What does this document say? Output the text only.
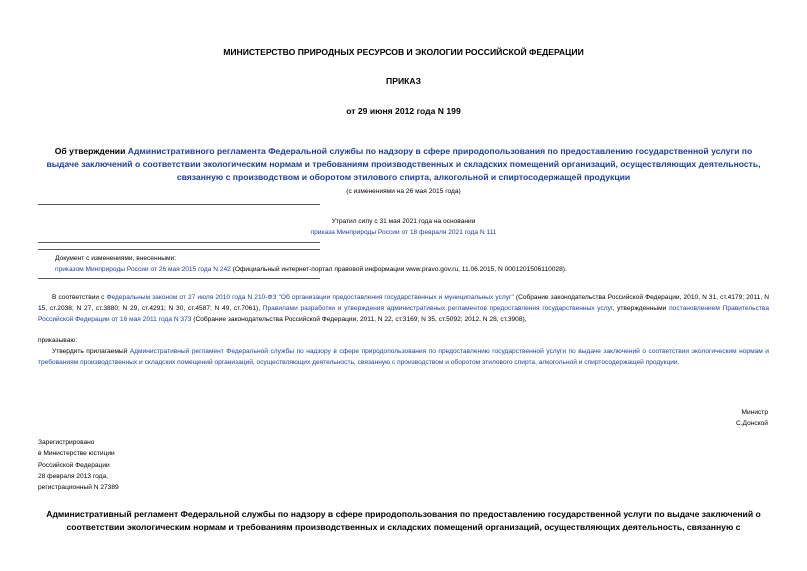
МИНИСТЕРСТВО ПРИРОДНЫХ РЕСУРСОВ И ЭКОЛОГИИ РОССИЙСКОЙ ФЕДЕРАЦИИ
ПРИКАЗ
от 29 июня 2012 года N 199
Об утверждении Административного регламента Федеральной службы по надзору в сфере природопользования по предоставлению государственной услуги по выдаче заключений о соответствии экологическим нормам и требованиям производственных и складских помещений организаций, осуществляющих деятельность, связанную с производством и оборотом этилового спирта, алкогольной и спиртосодержащей продукции
(с изменениями на 26 мая 2015 года)
Утратил силу с 31 мая 2021 года на основании
приказа Минприроды России от 18 февраля 2021 года N 111
Документ с изменениями, внесенными:
приказом Минприроды России от 26 мая 2015 года N 242 (Официальный интернет-портал правовой информации www.pravo.gov.ru, 11.06.2015, N 0001201506110028).
В соответствии с Федеральным законом от 27 июля 2010 года N 210-ФЗ "Об организации предоставления государственных и муниципальных услуг" (Собрание законодательства Российской Федерации, 2010, N 31, ст.4179; 2011, N 15, ст.2038; N 27, ст.3880; N 29, ст.4291; N 30, ст.4587; N 49, ст.7061), Правилами разработки и утверждения административных регламентов предоставления государственных услуг, утвержденными постановлением Правительства Российской Федерации от 16 мая 2011 года N 373 (Собрание законодательства Российской Федерации, 2011, N 22, ст.3169; N 35, ст.5092; 2012, N 28, ст.3908),
приказываю:
Утвердить прилагаемый Административный регламент Федеральной службы по надзору в сфере природопользования по предоставлению государственной услуги по выдаче заключений о соответствии экологическим нормам и требованиям производственных и складских помещений организаций, осуществляющих деятельность, связанную с производством и оборотом этилового спирта, алкогольной и спиртосодержащей продукции.
Министр
С.Донской
Зарегистрировано
в Министерстве юстиции
Российской Федерации
28 февраля 2013 года,
регистрационный N 27389
Административный регламент Федеральной службы по надзору в сфере природопользования по предоставлению государственной услуги по выдаче заключений о соответствии экологическим нормам и требованиям производственных и складских помещений организаций, осуществляющих деятельность, связанную с
